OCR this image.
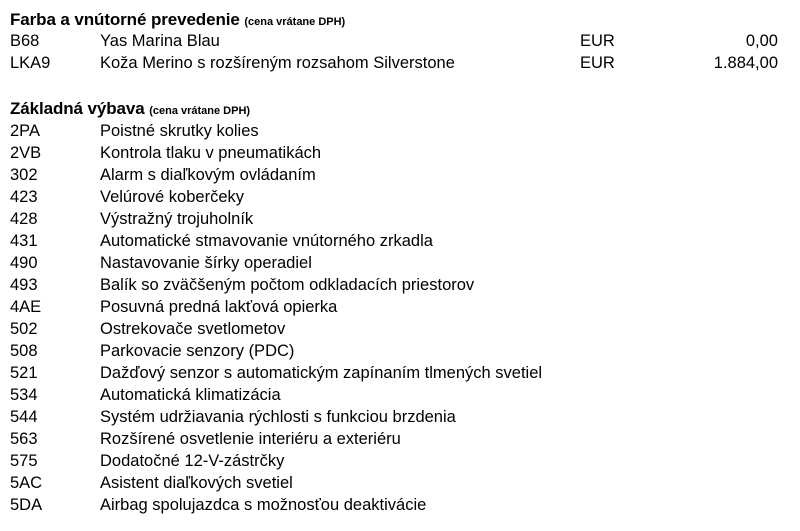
Farba a vnútorné prevedenie (cena vrátane DPH)
B68	Yas Marina Blau	EUR	0,00
LKA9	Koža Merino s rozšíreným rozsahom Silverstone	EUR	1.884,00
Základná výbava (cena vrátane DPH)
2PA	Poistné skrutky kolies
2VB	Kontrola tlaku v pneumatikách
302	Alarm s diaľkovým ovládaním
423	Velúrové koberčeky
428	Výstražný trojuholník
431	Automatické stmavovanie vnútorného zrkadla
490	Nastavovanie šírky operadiel
493	Balík so zväčšeným počtom odkladacích priestorov
4AE	Posuvná predná lakťová opierka
502	Ostrekovače svetlometov
508	Parkovacie senzory (PDC)
521	Dažďový senzor s automatickým zapínaním tlmených svetiel
534	Automatická klimatizácia
544	Systém udržiavania rýchlosti s funkciou brzdenia
563	Rozšírené osvetlenie interiéru a exteriéru
575	Dodatočné 12-V-zástrčky
5AC	Asistent diaľkových svetiel
5DA	Airbag spolujazdca s možnosťou deaktivácie
